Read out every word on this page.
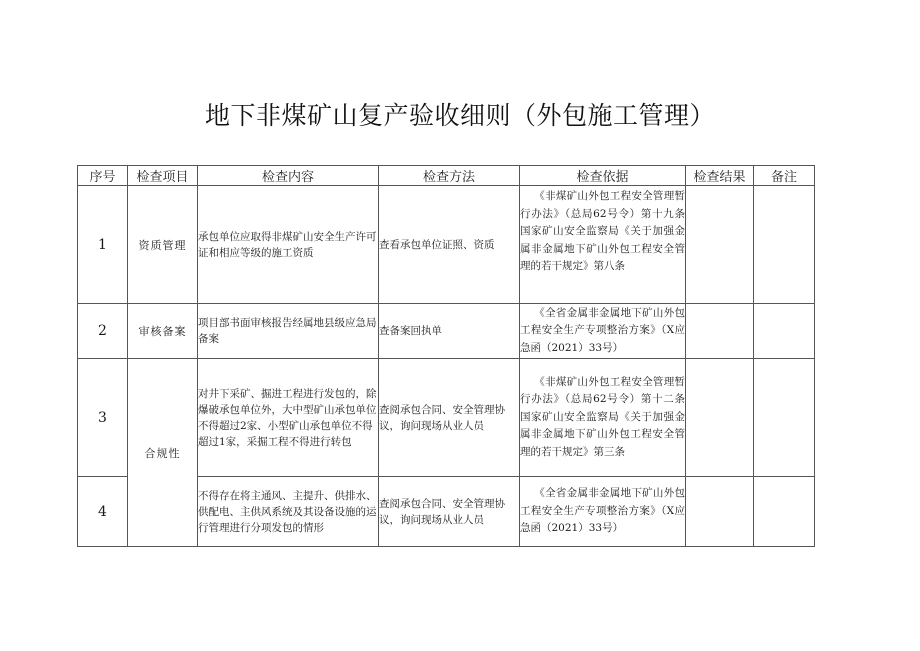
地下非煤矿山复产验收细则（外包施工管理）
序号	检查项目	检查内容	检查方法	检查依据	检查结果	备注
1	资质管理	承包单位应取得非煤矿山安全生产许可证和相应等级的施工资质	查看承包单位证照、资质	《非煤矿山外包工程安全管理暂行办法》（总局62号令）第十九条国家矿山安全监察局《关于加强金属非金属地下矿山外包工程安全管理的若干规定》第八条		
2	审核备案	项目部书面审核报告经属地县级应急局备案	查备案回执单	《全省金属非金属地下矿山外包工程安全生产专项整治方案》（X应急函（2021）33号）		
3	合规性	对井下采矿、掘进工程进行发包的，除爆破承包单位外，大中型矿山承包单位不得超过2家、小型矿山承包单位不得超过1家，采掘工程不得进行转包	查阅承包合同、安全管理协议，询问现场从业人员	《非煤矿山外包工程安全管理暂行办法》（总局62号令）第十二条国家矿山安全监察局《关于加强金属非金属地下矿山外包工程安全管理的若干规定》第三条		
4		不得存在将主通风、主提升、供排水、供配电、主供风系统及其设备设施的运行管理进行分项发包的情形	查阅承包合同、安全管理协议，询问现场从业人员	《全省金属非金属地下矿山外包工程安全生产专项整治方案》（X应急函（2021）33号）		
